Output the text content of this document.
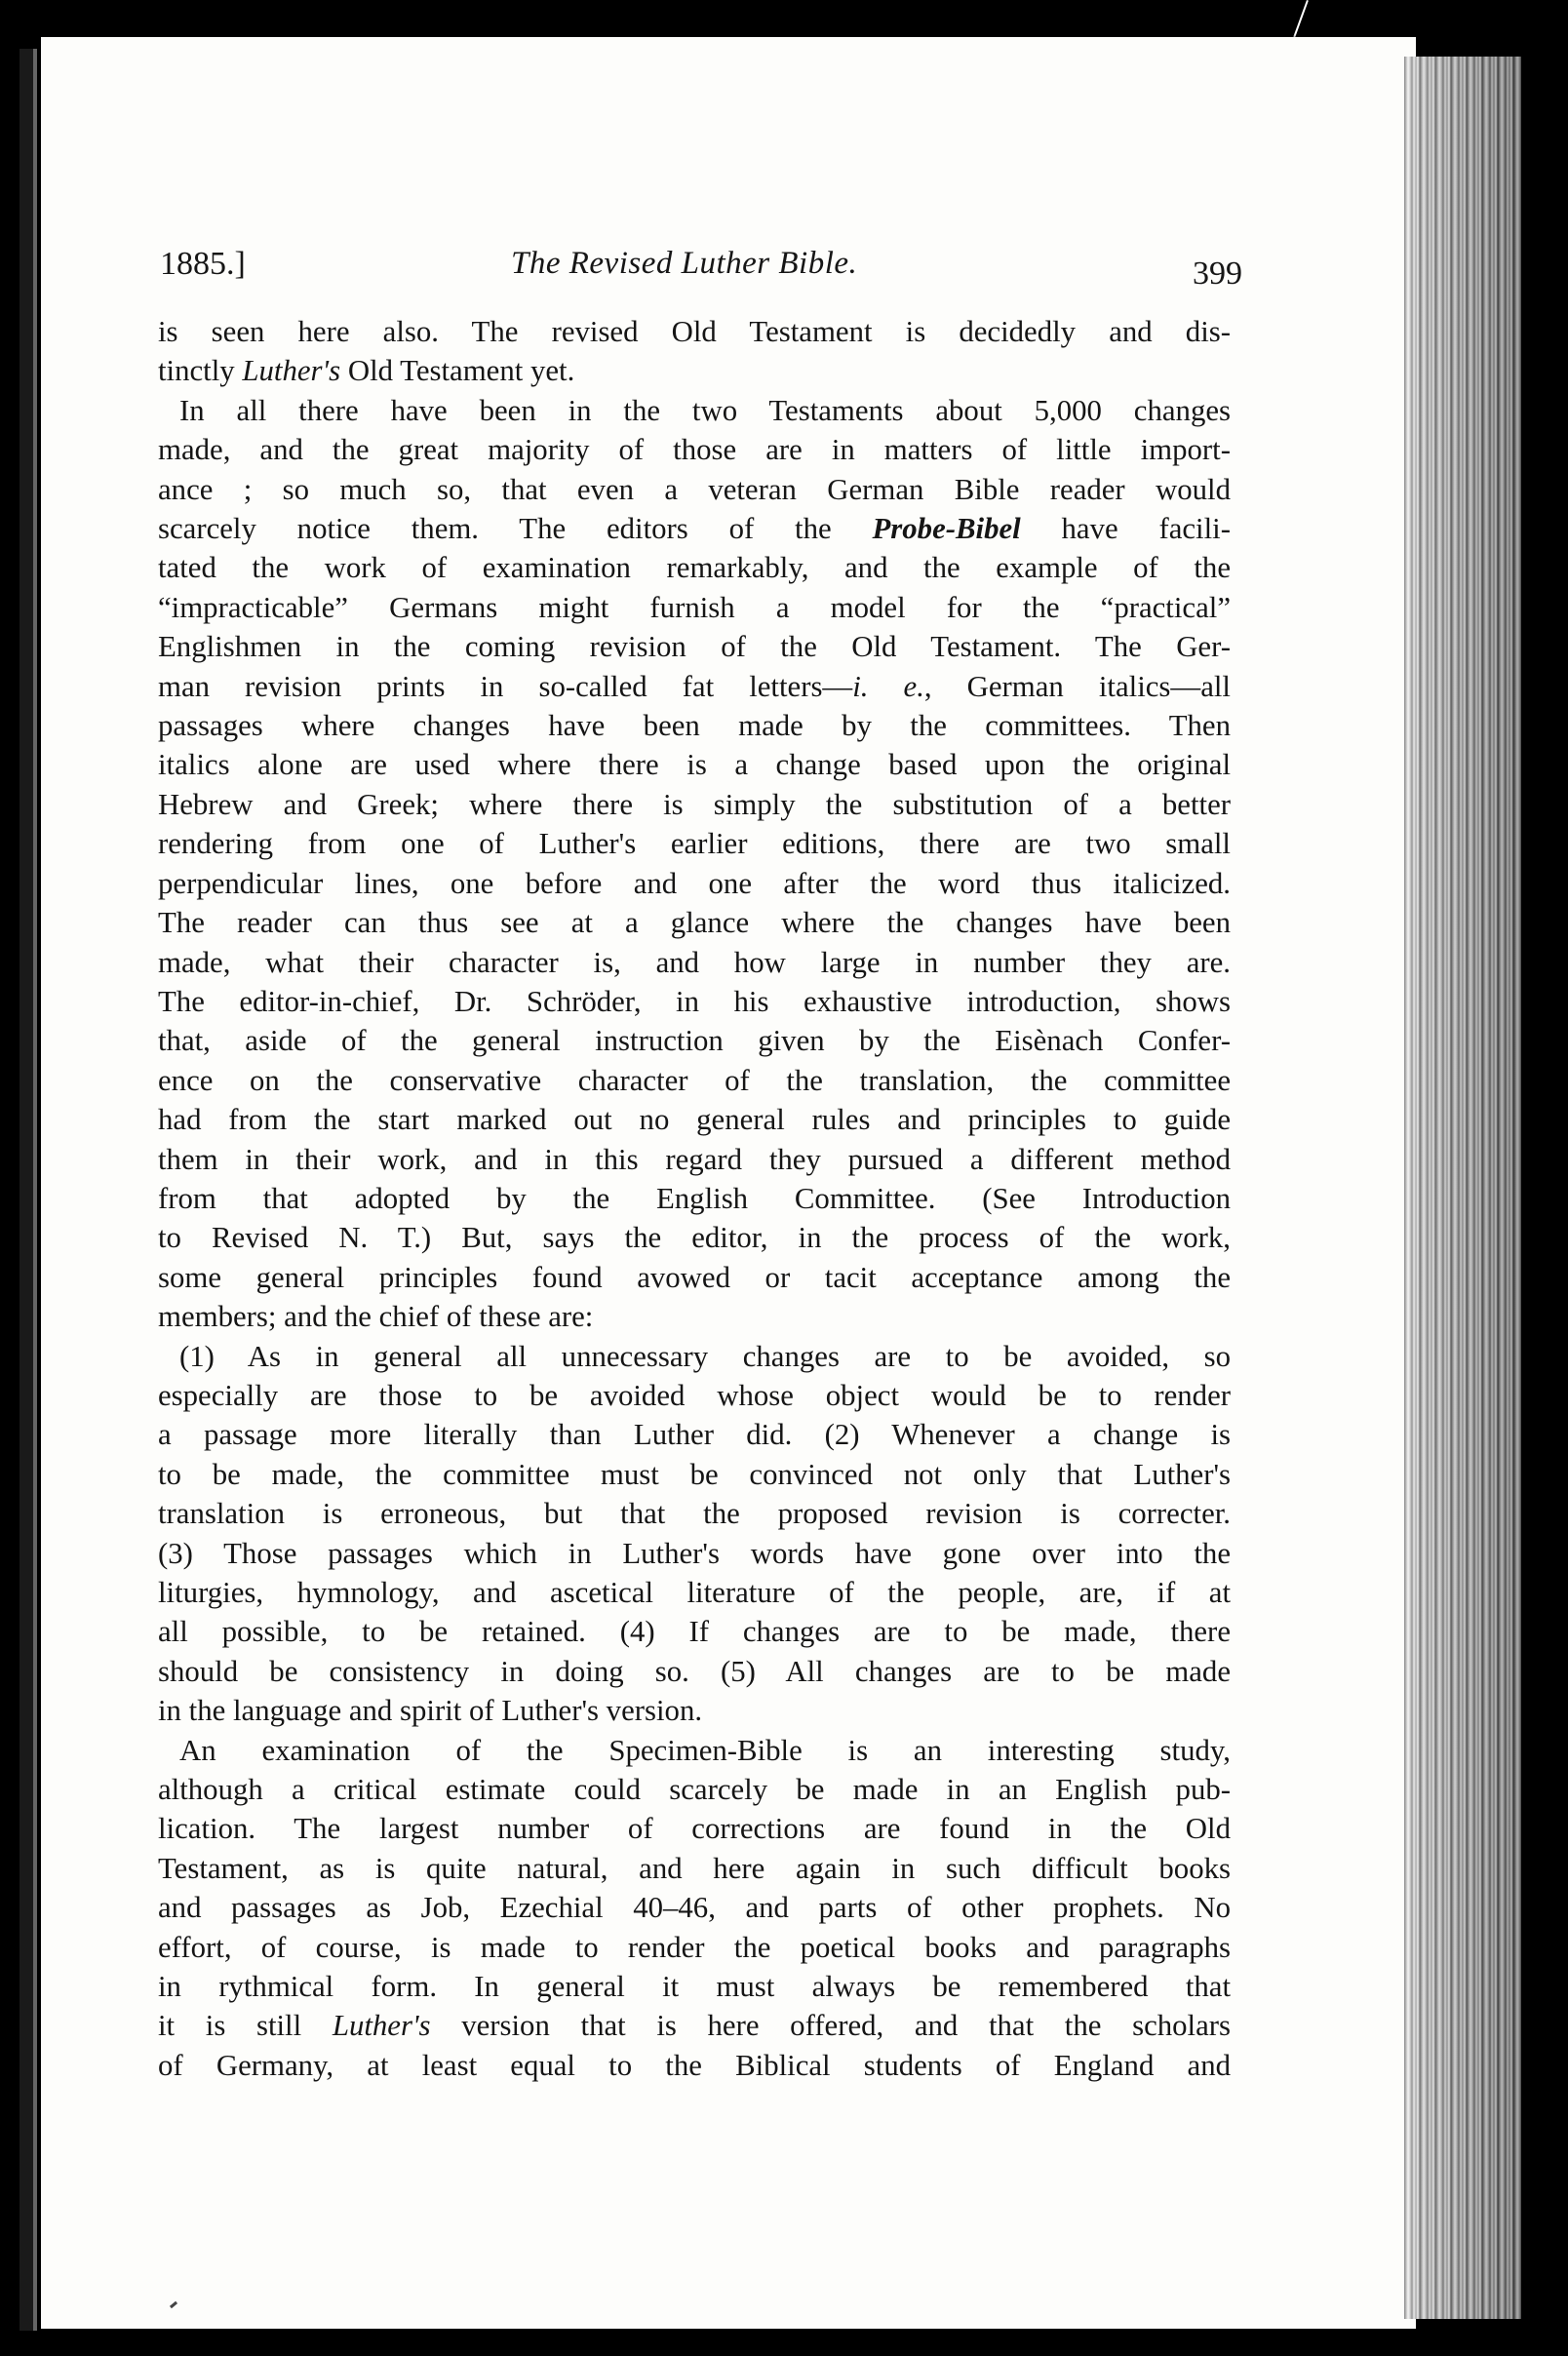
1885.]	The Revised Luther Bible.	399
is seen here also. The revised Old Testament is decidedly and dis-
tinctly Luther's Old Testament yet.
In all there have been in the two Testaments about 5,000 changes
made, and the great majority of those are in matters of little import-
ance ; so much so, that even a veteran German Bible reader would
scarcely notice them. The editors of the Probe-Bibel have facili-
tated the work of examination remarkably, and the example of the
“impracticable” Germans might furnish a model for the “practical”
Englishmen in the coming revision of the Old Testament. The Ger-
man revision prints in so-called fat letters—i. e., German italics—all
passages where changes have been made by the committees. Then
italics alone are used where there is a change based upon the original
Hebrew and Greek; where there is simply the substitution of a better
rendering from one of Luther's earlier editions, there are two small
perpendicular lines, one before and one after the word thus italicized.
The reader can thus see at a glance where the changes have been
made, what their character is, and how large in number they are.
The editor-in-chief, Dr. Schröder, in his exhaustive introduction, shows
that, aside of the general instruction given by the Eisènach Confer-
ence on the conservative character of the translation, the committee
had from the start marked out no general rules and principles to guide
them in their work, and in this regard they pursued a different method
from that adopted by the English Committee. (See Introduction
to Revised N. T.) But, says the editor, in the process of the work,
some general principles found avowed or tacit acceptance among the
members; and the chief of these are:
(1) As in general all unnecessary changes are to be avoided, so
especially are those to be avoided whose object would be to render
a passage more literally than Luther did. (2) Whenever a change is
to be made, the committee must be convinced not only that Luther's
translation is erroneous, but that the proposed revision is correcter.
(3) Those passages which in Luther's words have gone over into the
liturgies, hymnology, and ascetical literature of the people, are, if at
all possible, to be retained. (4) If changes are to be made, there
should be consistency in doing so. (5) All changes are to be made
in the language and spirit of Luther's version.
An examination of the Specimen-Bible is an interesting study,
although a critical estimate could scarcely be made in an English pub-
lication. The largest number of corrections are found in the Old
Testament, as is quite natural, and here again in such difficult books
and passages as Job, Ezechial 40–46, and parts of other prophets. No
effort, of course, is made to render the poetical books and paragraphs
in rythmical form. In general it must always be remembered that
it is still Luther's version that is here offered, and that the scholars
of Germany, at least equal to the Biblical students of England and
